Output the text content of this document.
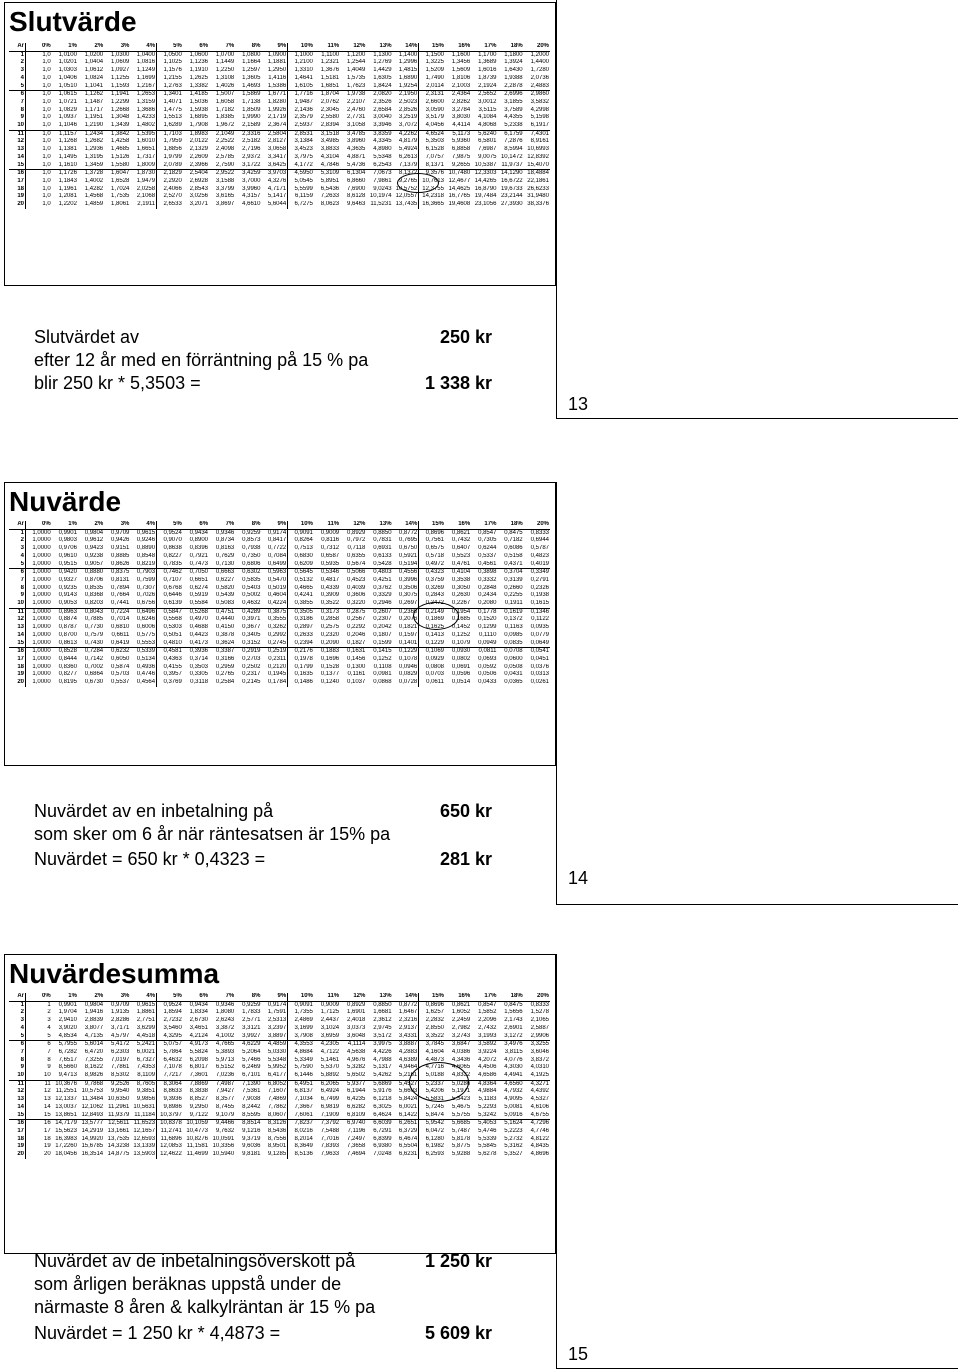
Slutvärde
År	0%	1%	2%	3%	4%	5%	6%	7%	8%	9%	10%	11%	12%	13%	14%	15%	16%	17%	18%	20%
1	1,0	1,0100	1,0200	1,0300	1,0400	1,0500	1,0600	1,0700	1,0800	1,0900	1,1000	1,1100	1,1200	1,1300	1,1400	1,1500	1,1600	1,1700	1,1800	1,2000
2	1,0	1,0201	1,0404	1,0609	1,0816	1,1025	1,1236	1,1449	1,1664	1,1881	1,2100	1,2321	1,2544	1,2769	1,2996	1,3225	1,3456	1,3689	1,3924	1,4400
3	1,0	1,0303	1,0612	1,0927	1,1249	1,1576	1,1910	1,2250	1,2597	1,2950	1,3310	1,3676	1,4049	1,4429	1,4815	1,5209	1,5609	1,6016	1,6430	1,7280
4	1,0	1,0406	1,0824	1,1255	1,1699	1,2155	1,2625	1,3108	1,3605	1,4116	1,4641	1,5181	1,5735	1,6305	1,6890	1,7490	1,8106	1,8739	1,9388	2,0736
5	1,0	1,0510	1,1041	1,1593	1,2167	1,2763	1,3382	1,4026	1,4693	1,5386	1,6105	1,6851	1,7623	1,8424	1,9254	2,0114	2,1003	2,1924	2,2878	2,4883
6	1,0	1,0615	1,1262	1,1941	1,2653	1,3401	1,4185	1,5007	1,5869	1,6771	1,7716	1,8704	1,9738	2,0820	2,1950	2,3131	2,4364	2,5652	2,6996	2,9860
7	1,0	1,0721	1,1487	1,2299	1,3159	1,4071	1,5036	1,6058	1,7138	1,8280	1,9487	2,0762	2,2107	2,3526	2,5023	2,6600	2,8262	3,0012	3,1855	3,5832
8	1,0	1,0829	1,1717	1,2668	1,3686	1,4775	1,5938	1,7182	1,8509	1,9926	2,1436	2,3045	2,4760	2,6584	2,8526	3,0590	3,2784	3,5115	3,7589	4,2998
9	1,0	1,0937	1,1951	1,3048	1,4233	1,5513	1,6895	1,8385	1,9990	2,1719	2,3579	2,5580	2,7731	3,0040	3,2519	3,5179	3,8030	4,1084	4,4355	5,1598
10	1,0	1,1046	1,2190	1,3439	1,4802	1,6289	1,7908	1,9672	2,1589	2,3674	2,5937	2,8394	3,1058	3,3946	3,7072	4,0456	4,4114	4,8068	5,2338	6,1917
11	1,0	1,1157	1,2434	1,3842	1,5395	1,7103	1,8983	2,1049	2,3316	2,5804	2,8531	3,1518	3,4785	3,8359	4,2262	4,6524	5,1173	5,6240	6,1759	7,4301
12	1,0	1,1268	1,2682	1,4258	1,6010	1,7959	2,0122	2,2522	2,5182	2,8127	3,1384	3,4985	3,8960	4,3345	4,8179	5,3503	5,9360	6,5801	7,2876	8,9161
13	1,0	1,1381	1,2936	1,4685	1,6651	1,8856	2,1329	2,4098	2,7196	3,0658	3,4523	3,8833	4,3635	4,8980	5,4924	6,1528	6,8858	7,6987	8,5994	10,6993
14	1,0	1,1495	1,3195	1,5126	1,7317	1,9799	2,2609	2,5785	2,9372	3,3417	3,7975	4,3104	4,8871	5,5348	6,2613	7,0757	7,9875	9,0075	10,1472	12,8392
15	1,0	1,1610	1,3459	1,5580	1,8009	2,0789	2,3966	2,7590	3,1722	3,6425	4,1772	4,7846	5,4736	6,2543	7,1379	8,1371	9,2655	10,5387	11,9737	15,4070
16	1,0	1,1726	1,3728	1,6047	1,8730	2,1829	2,5404	2,9522	3,4259	3,9703	4,5950	5,3109	6,1304	7,0673	8,1372	9,3576	10,7480	12,3303	14,1290	18,4884
17	1,0	1,1843	1,4002	1,6528	1,9479	2,2920	2,6928	3,1588	3,7000	4,3276	5,0545	5,8951	6,8660	7,9861	9,2765	10,7613	12,4677	14,4265	16,6722	22,1861
18	1,0	1,1961	1,4282	1,7024	2,0258	2,4066	2,8543	3,3799	3,9960	4,7171	5,5599	6,5436	7,6900	9,0243	10,5752	12,3755	14,4625	16,8790	19,6733	26,6233
19	1,0	1,2081	1,4568	1,7535	2,1068	2,5270	3,0256	3,6165	4,3157	5,1417	6,1159	7,2633	8,6128	10,1974	12,0557	14,2318	16,7765	19,7484	23,2144	31,9480
20	1,0	1,2202	1,4859	1,8061	2,1911	2,6533	3,2071	3,8697	4,6610	5,6044	6,7275	8,0623	9,6463	11,5231	13,7435	16,3665	19,4608	23,1056	27,3930	38,3376
Slutvärdet av
efter 12 år med en förräntning på 15 % pa
blir 250 kr * 5,3503 =
250 kr
1 338 kr
13
Nuvärde
År	0%	1%	2%	3%	4%	5%	6%	7%	8%	9%	10%	11%	12%	13%	14%	15%	16%	17%	18%	20%
1	1,0000	0,9901	0,9804	0,9709	0,9615	0,9524	0,9434	0,9346	0,9259	0,9174	0,9091	0,9009	0,8929	0,8850	0,8772	0,8696	0,8621	0,8547	0,8475	0,8333
2	1,0000	0,9803	0,9612	0,9426	0,9246	0,9070	0,8900	0,8734	0,8573	0,8417	0,8264	0,8116	0,7972	0,7831	0,7695	0,7561	0,7432	0,7305	0,7182	0,6944
3	1,0000	0,9706	0,9423	0,9151	0,8890	0,8638	0,8396	0,8163	0,7938	0,7722	0,7513	0,7312	0,7118	0,6931	0,6750	0,6575	0,6407	0,6244	0,6086	0,5787
4	1,0000	0,9610	0,9238	0,8885	0,8548	0,8227	0,7921	0,7629	0,7350	0,7084	0,6830	0,6587	0,6355	0,6133	0,5921	0,5718	0,5523	0,5337	0,5158	0,4823
5	1,0000	0,9515	0,9057	0,8626	0,8219	0,7835	0,7473	0,7130	0,6806	0,6499	0,6209	0,5935	0,5674	0,5428	0,5194	0,4972	0,4761	0,4561	0,4371	0,4019
6	1,0000	0,9420	0,8880	0,8375	0,7903	0,7462	0,7050	0,6663	0,6302	0,5963	0,5645	0,5346	0,5066	0,4803	0,4556	0,4323	0,4104	0,3898	0,3704	0,3349
7	1,0000	0,9327	0,8706	0,8131	0,7599	0,7107	0,6651	0,6227	0,5835	0,5470	0,5132	0,4817	0,4523	0,4251	0,3996	0,3759	0,3538	0,3332	0,3139	0,2791
8	1,0000	0,9235	0,8535	0,7894	0,7307	0,6768	0,6274	0,5820	0,5403	0,5019	0,4665	0,4339	0,4039	0,3762	0,3506	0,3269	0,3050	0,2848	0,2660	0,2326
9	1,0000	0,9143	0,8368	0,7664	0,7026	0,6446	0,5919	0,5439	0,5002	0,4604	0,4241	0,3909	0,3606	0,3329	0,3075	0,2843	0,2630	0,2434	0,2255	0,1938
10	1,0000	0,9053	0,8203	0,7441	0,6756	0,6139	0,5584	0,5083	0,4632	0,4224	0,3855	0,3522	0,3220	0,2946	0,2697	0,2472	0,2267	0,2080	0,1911	0,1615
11	1,0000	0,8963	0,8043	0,7224	0,6496	0,5847	0,5268	0,4751	0,4289	0,3875	0,3505	0,3173	0,2875	0,2607	0,2366	0,2149	0,1954	0,1778	0,1619	0,1346
12	1,0000	0,8874	0,7885	0,7014	0,6246	0,5568	0,4970	0,4440	0,3971	0,3555	0,3186	0,2858	0,2567	0,2307	0,2076	0,1869	0,1685	0,1520	0,1372	0,1122
13	1,0000	0,8787	0,7730	0,6810	0,6006	0,5303	0,4688	0,4150	0,3677	0,3262	0,2897	0,2575	0,2292	0,2042	0,1821	0,1625	0,1452	0,1299	0,1163	0,0935
14	1,0000	0,8700	0,7579	0,6611	0,5775	0,5051	0,4423	0,3878	0,3405	0,2992	0,2633	0,2320	0,2046	0,1807	0,1597	0,1413	0,1252	0,1110	0,0985	0,0779
15	1,0000	0,8613	0,7430	0,6419	0,5553	0,4810	0,4173	0,3624	0,3152	0,2745	0,2394	0,2090	0,1827	0,1599	0,1401	0,1229	0,1079	0,0949	0,0835	0,0649
16	1,0000	0,8528	0,7284	0,6232	0,5339	0,4581	0,3936	0,3387	0,2919	0,2519	0,2176	0,1883	0,1631	0,1415	0,1229	0,1069	0,0930	0,0811	0,0708	0,0541
17	1,0000	0,8444	0,7142	0,6050	0,5134	0,4363	0,3714	0,3166	0,2703	0,2311	0,1978	0,1696	0,1456	0,1252	0,1078	0,0929	0,0802	0,0693	0,0600	0,0451
18	1,0000	0,8360	0,7002	0,5874	0,4936	0,4155	0,3503	0,2959	0,2502	0,2120	0,1799	0,1528	0,1300	0,1108	0,0946	0,0808	0,0691	0,0592	0,0508	0,0376
19	1,0000	0,8277	0,6864	0,5703	0,4746	0,3957	0,3305	0,2765	0,2317	0,1945	0,1635	0,1377	0,1161	0,0981	0,0829	0,0703	0,0596	0,0506	0,0431	0,0313
20	1,0000	0,8195	0,6730	0,5537	0,4564	0,3769	0,3118	0,2584	0,2145	0,1784	0,1486	0,1240	0,1037	0,0868	0,0728	0,0611	0,0514	0,0433	0,0365	0,0261
Nuvärdet av en inbetalning på
som sker om 6 år när räntesatsen är 15% pa
Nuvärdet = 650 kr * 0,4323 =
650 kr
281 kr
14
Nuvärdesumma
År	0%	1%	2%	3%	4%	5%	6%	7%	8%	9%	10%	11%	12%	13%	14%	15%	16%	17%	18%	20%
1	1	0,9901	0,9804	0,9709	0,9615	0,9524	0,9434	0,9346	0,9259	0,9174	0,9091	0,9009	0,8929	0,8850	0,8772	0,8696	0,8621	0,8547	0,8475	0,8333
2	2	1,9704	1,9416	1,9135	1,8861	1,8594	1,8334	1,8080	1,7833	1,7591	1,7355	1,7125	1,6901	1,6681	1,6467	1,6257	1,6052	1,5852	1,5656	1,5278
3	3	2,9410	2,8839	2,8286	2,7751	2,7232	2,6730	2,6243	2,5771	2,5313	2,4869	2,4437	2,4018	2,3612	2,3216	2,2832	2,2459	2,2096	2,1743	2,1065
4	4	3,9020	3,8077	3,7171	3,6299	3,5460	3,4651	3,3872	3,3121	3,2397	3,1699	3,1024	3,0373	2,9745	2,9137	2,8550	2,7982	2,7432	2,6901	2,5887
5	5	4,8534	4,7135	4,5797	4,4518	4,3295	4,2124	4,1002	3,9927	3,8897	3,7908	3,6959	3,6048	3,5172	3,4331	3,3522	3,2743	3,1993	3,1272	2,9906
6	6	5,7955	5,6014	5,4172	5,2421	5,0757	4,9173	4,7665	4,6229	4,4859	4,3553	4,2305	4,1114	3,9975	3,8887	3,7845	3,6847	3,5892	3,4976	3,3255
7	7	6,7282	6,4720	6,2303	6,0021	5,7864	5,5824	5,3893	5,2064	5,0330	4,8684	4,7122	4,5638	4,4226	4,2883	4,1604	4,0386	3,9224	3,8115	3,6046
8	8	7,6517	7,3255	7,0197	6,7327	6,4632	6,2098	5,9713	5,7466	5,5348	5,3349	5,1461	4,9676	4,7988	4,6389	4,4873	4,3436	4,2072	4,0776	3,8372
9	9	8,5660	8,1622	7,7861	7,4353	7,1078	6,8017	6,5152	6,2469	5,9952	5,7590	5,5370	5,3282	5,1317	4,9464	4,7716	4,6065	4,4506	4,3030	4,0310
10	10	9,4713	8,9826	8,5302	8,1109	7,7217	7,3601	7,0236	6,7101	6,4177	6,1446	5,8892	5,6502	5,4262	5,2161	5,0188	4,8332	4,6586	4,4941	4,1925
11	11	10,3676	9,7868	9,2526	8,7605	8,3064	7,8869	7,4987	7,1390	6,8052	6,4951	6,2065	5,9377	5,6869	5,4527	5,2337	5,0286	4,8364	4,6560	4,3271
12	12	11,2551	10,5753	9,9540	9,3851	8,8633	8,3838	7,9427	7,5361	7,1607	6,8137	6,4924	6,1944	5,9176	5,6603	5,4206	5,1971	4,9884	4,7932	4,4392
13	13	12,1337	11,3484	10,6350	9,9856	9,3936	8,8527	8,3577	7,9038	7,4869	7,1034	6,7499	6,4235	6,1218	5,8424	5,5831	5,3423	5,1183	4,9095	4,5327
14	14	13,0037	12,1062	11,2961	10,5631	9,8986	9,2950	8,7455	8,2442	7,7862	7,3667	6,9819	6,6282	6,3025	6,0021	5,7245	5,4675	5,2293	5,0081	4,6106
15	15	13,8651	12,8493	11,9379	11,1184	10,3797	9,7122	9,1079	8,5595	8,0607	7,6061	7,1909	6,8109	6,4624	6,1422	5,8474	5,5755	5,3242	5,0916	4,6755
16	16	14,7179	13,5777	12,5611	11,6523	10,8378	10,1059	9,4466	8,8514	8,3126	7,8237	7,3792	6,9740	6,6039	6,2651	5,9542	5,6685	5,4053	5,1624	4,7296
17	17	15,5623	14,2919	13,1661	12,1657	11,2741	10,4773	9,7632	9,1216	8,5436	8,0216	7,5488	7,1196	6,7291	6,3729	6,0472	5,7487	5,4746	5,2223	4,7746
18	18	16,3983	14,9920	13,7535	12,6593	11,6896	10,8276	10,0591	9,3719	8,7556	8,2014	7,7016	7,2497	6,8399	6,4674	6,1280	5,8178	5,5339	5,2732	4,8122
19	19	17,2260	15,6785	14,3238	13,1339	12,0853	11,1581	10,3356	9,6036	8,9501	8,3649	7,8393	7,3658	6,9380	6,5504	6,1982	5,8775	5,5845	5,3162	4,8435
20	20	18,0456	16,3514	14,8775	13,5903	12,4622	11,4699	10,5940	9,8181	9,1285	8,5136	7,9633	7,4694	7,0248	6,6231	6,2593	5,9288	5,6278	5,3527	4,8696
Nuvärdet av de inbetalningsöverskott på
som årligen beräknas uppstå under de
närmaste 8 åren & kalkylräntan är 15 % pa
Nuvärdet = 1 250 kr * 4,4873 =
1 250 kr
5 609 kr
15
